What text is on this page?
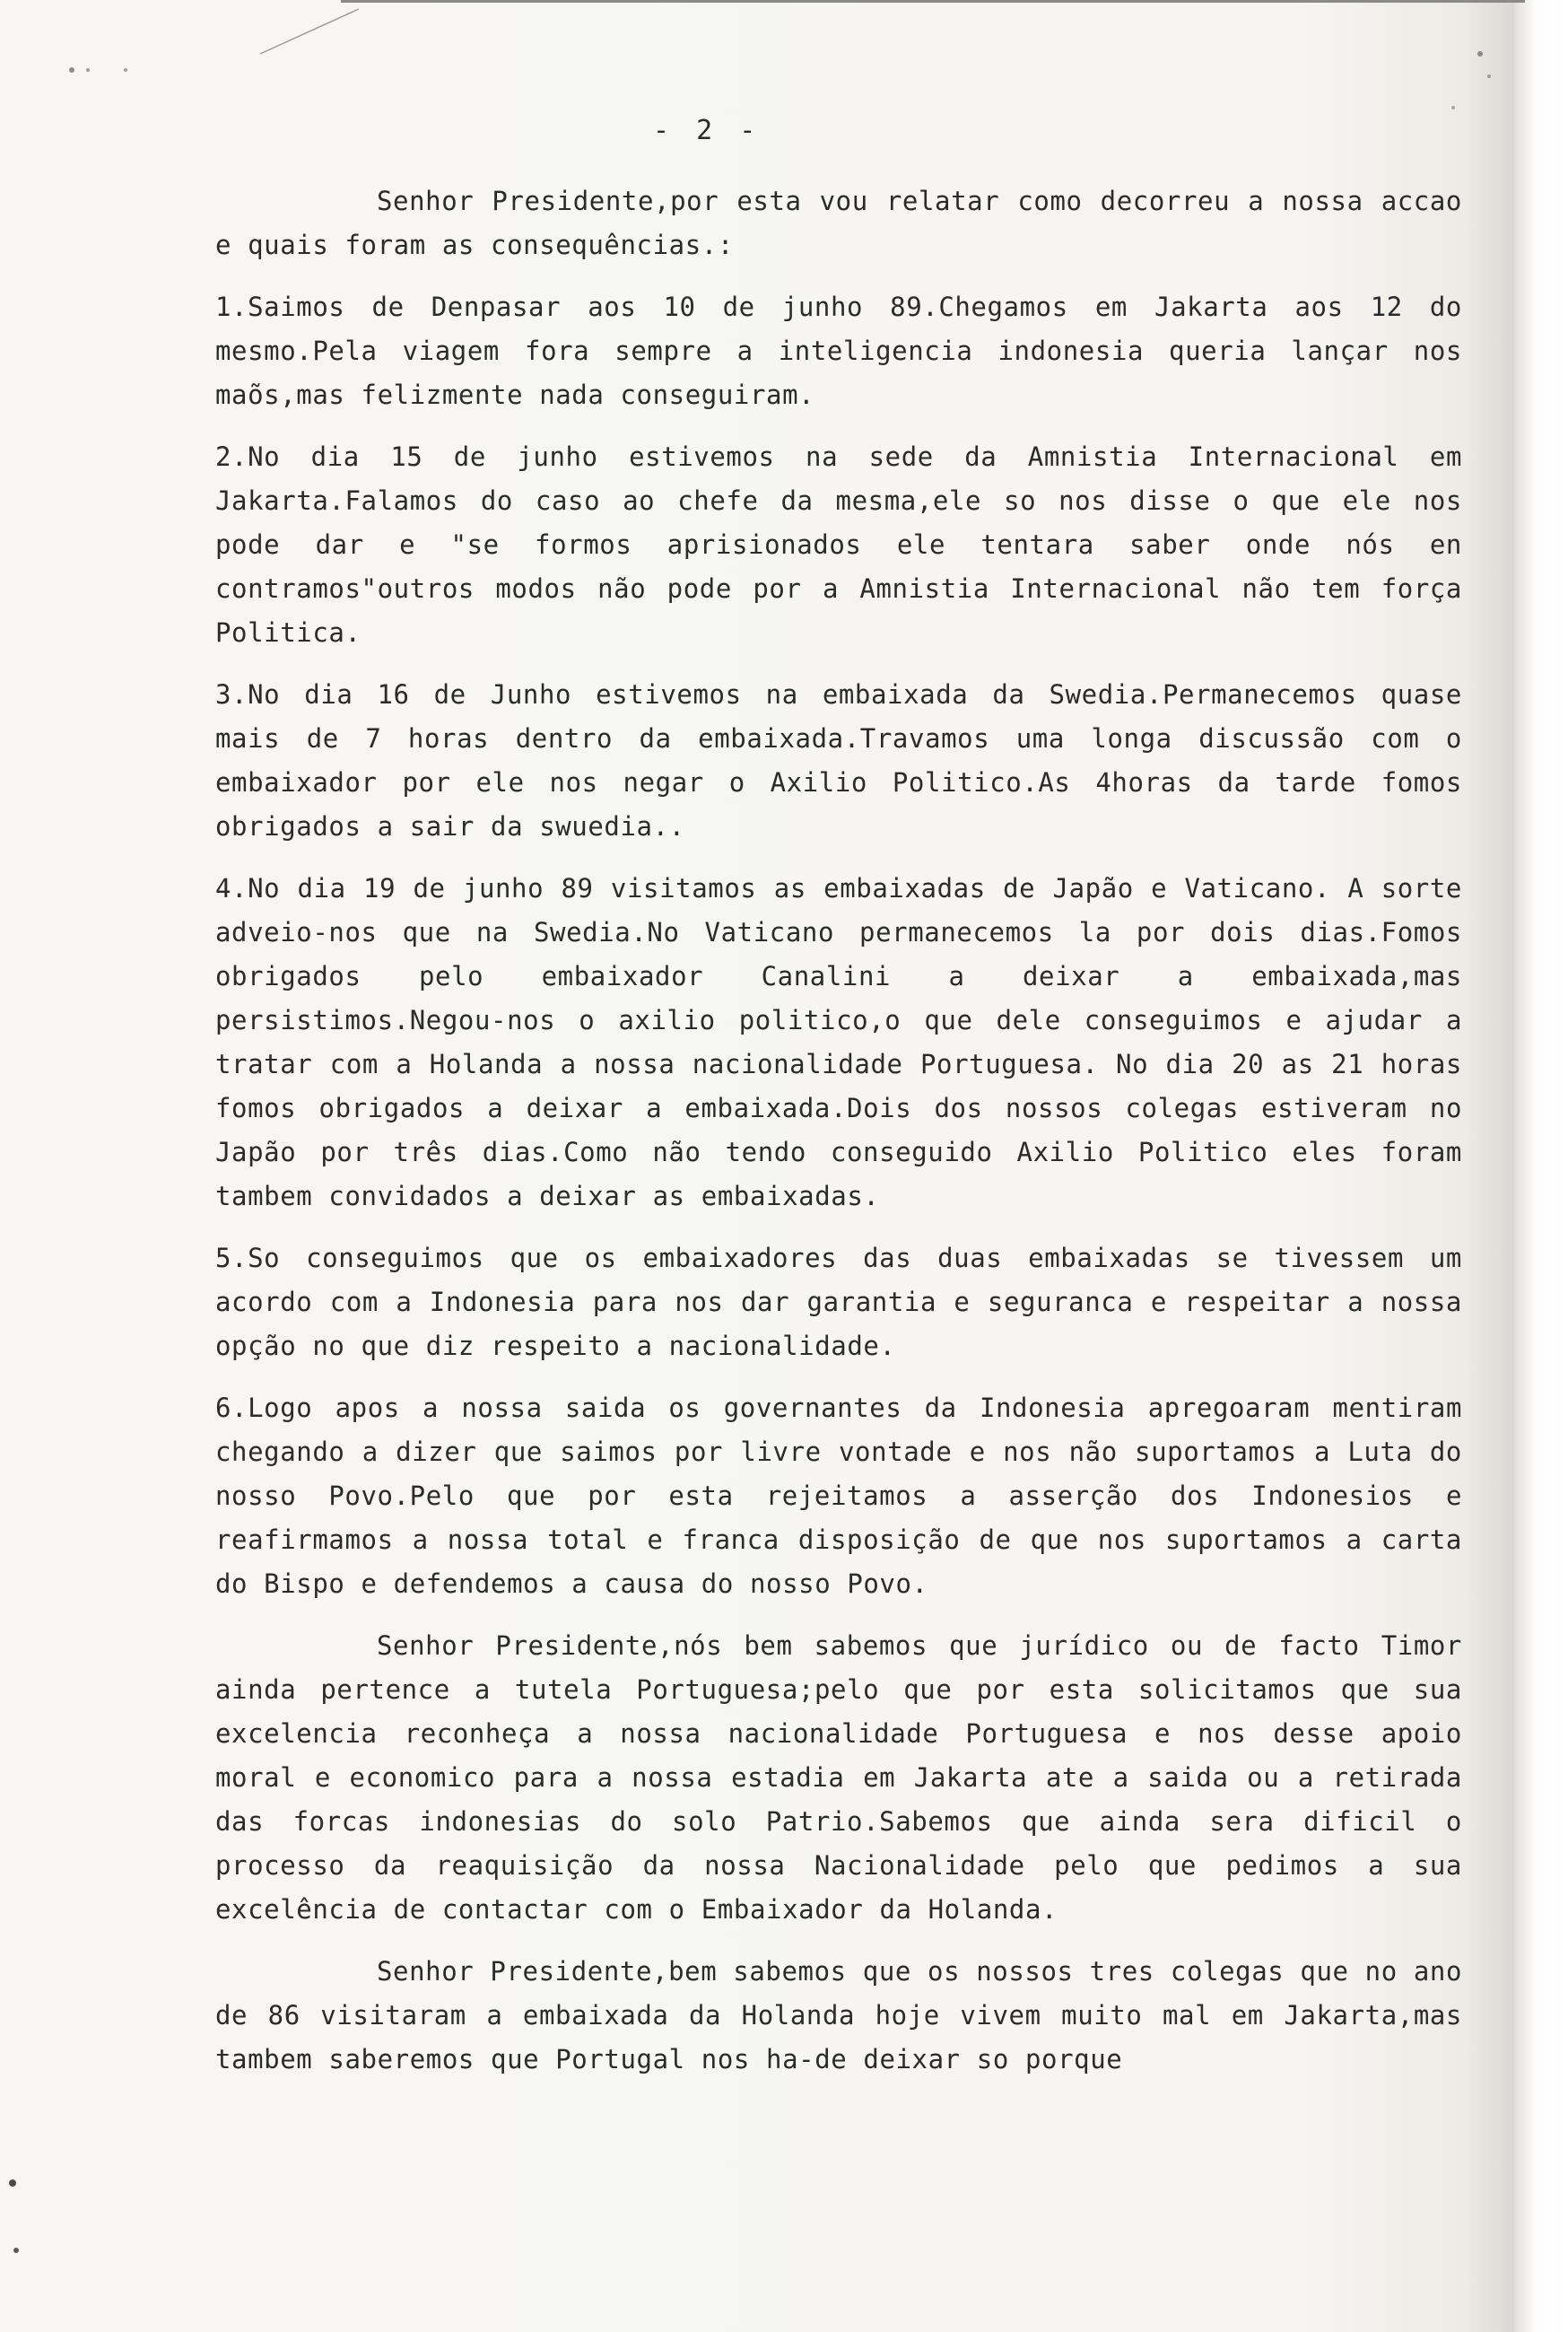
- 2 -

Senhor Presidente,por esta vou relatar como decorreu a nossa accao e quais foram as consequências.:

1.Saimos de Denpasar aos 10 de junho 89.Chegamos em Jakarta aos 12 do mesmo.Pela viagem fora sempre a inteligencia indonesia queria lançar nos maõs,mas felizmente nada conseguiram.

2.No dia 15 de junho estivemos na sede da Amnistia Internacional em Jakarta.Falamos do caso ao chefe da mesma,ele so nos disse o que ele nos pode dar e "se formos aprisionados ele tentara saber onde nós en contramos"outros modos não pode por a Amnistia Internacional não tem força Politica.

3.No dia 16 de Junho estivemos na embaixada da Swedia.Permanecemos quase mais de 7 horas dentro da embaixada.Travamos uma longa discussão com o embaixador por ele nos negar o Axilio Politico.As 4horas da tarde fomos obrigados a sair da swuedia..

4.No dia 19 de junho 89 visitamos as embaixadas de Japão e Vaticano. A sorte adveio-nos que na Swedia.No Vaticano permanecemos la por dois dias.Fomos obrigados pelo embaixador Canalini a deixar a embaixada,mas persistimos.Negou-nos o axilio politico,o que dele conseguimos e ajudar a tratar com a Holanda a nossa nacionalidade Portuguesa. No dia 20 as 21 horas fomos obrigados a deixar a embaixada.Dois dos nossos colegas estiveram no Japão por três dias.Como não tendo conseguido Axilio Politico eles foram tambem convidados a deixar as embaixadas.

5.So conseguimos que os embaixadores das duas embaixadas se tivessem um acordo com a Indonesia para nos dar garantia e seguranca e respeitar a nossa opção no que diz respeito a nacionalidade.

6.Logo apos a nossa saida os governantes da Indonesia apregoaram mentiram chegando a dizer que saimos por livre vontade e nos não suportamos a Luta do nosso Povo.Pelo que por esta rejeitamos a asserção dos Indonesios e reafirmamos a nossa total e franca disposição de que nos suportamos a carta do Bispo e defendemos a causa do nosso Povo.

Senhor Presidente,nós bem sabemos que jurídico ou de facto Timor ainda pertence a tutela Portuguesa;pelo que por esta solicitamos que sua excelencia reconheça a nossa nacionalidade Portuguesa e nos desse apoio moral e economico para a nossa estadia em Jakarta ate a saida ou a retirada das forcas indonesias do solo Patrio.Sabemos que ainda sera dificil o processo da reaquisição da nossa Nacionalidade pelo que pedimos a sua excelência de contactar com o Embaixador da Holanda.

Senhor Presidente,bem sabemos que os nossos tres colegas que no ano de 86 visitaram a embaixada da Holanda hoje vivem muito mal em Jakarta,mas tambem saberemos que Portugal nos ha-de deixar so porque
